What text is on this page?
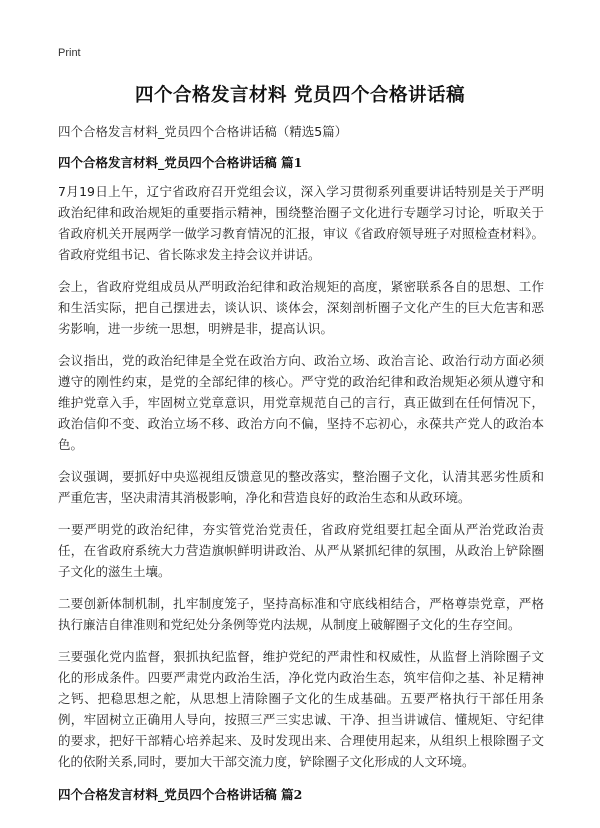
Print
四个合格发言材料 党员四个合格讲话稿
四个合格发言材料_党员四个合格讲话稿（精选5篇）
四个合格发言材料_党员四个合格讲话稿 篇1

7月19日上午，辽宁省政府召开党组会议，深入学习贯彻系列重要讲话特别是关于严明政治纪律和政治规矩的重要指示精神，围绕整治圈子文化进行专题学习讨论，听取关于省政府机关开展两学一做学习教育情况的汇报，审议《省政府领导班子对照检查材料》。省政府党组书记、省长陈求发主持会议并讲话。

会上，省政府党组成员从严明政治纪律和政治规矩的高度，紧密联系各自的思想、工作和生活实际，把自己摆进去，谈认识、谈体会，深刻剖析圈子文化产生的巨大危害和恶劣影响，进一步统一思想，明辨是非，提高认识。

会议指出，党的政治纪律是全党在政治方向、政治立场、政治言论、政治行动方面必须遵守的刚性约束，是党的全部纪律的核心。严守党的政治纪律和政治规矩必须从遵守和维护党章入手，牢固树立党章意识，用党章规范自己的言行，真正做到在任何情况下，政治信仰不变、政治立场不移、政治方向不偏，坚持不忘初心，永葆共产党人的政治本色。

会议强调，要抓好中央巡视组反馈意见的整改落实，整治圈子文化，认清其恶劣性质和严重危害，坚决肃清其消极影响，净化和营造良好的政治生态和从政环境。

一要严明党的政治纪律，夯实管党治党责任，省政府党组要扛起全面从严治党政治责任，在省政府系统大力营造旗帜鲜明讲政治、从严从紧抓纪律的氛围，从政治上铲除圈子文化的滋生土壤。

二要创新体制机制，扎牢制度笼子，坚持高标准和守底线相结合，严格尊崇党章，严格执行廉洁自律准则和党纪处分条例等党内法规，从制度上破解圈子文化的生存空间。

三要强化党内监督，狠抓执纪监督，维护党纪的严肃性和权威性，从监督上消除圈子文化的形成条件。四要严肃党内政治生活，净化党内政治生态，筑牢信仰之基、补足精神之钙、把稳思想之舵，从思想上清除圈子文化的生成基础。五要严格执行干部任用条例，牢固树立正确用人导向，按照三严三实忠诚、干净、担当讲诚信、懂规矩、守纪律的要求，把好干部精心培养起来、及时发现出来、合理使用起来，从组织上根除圈子文化的依附关系,同时，要加大干部交流力度，铲除圈子文化形成的人文环境。

四个合格发言材料_党员四个合格讲话稿 篇2
